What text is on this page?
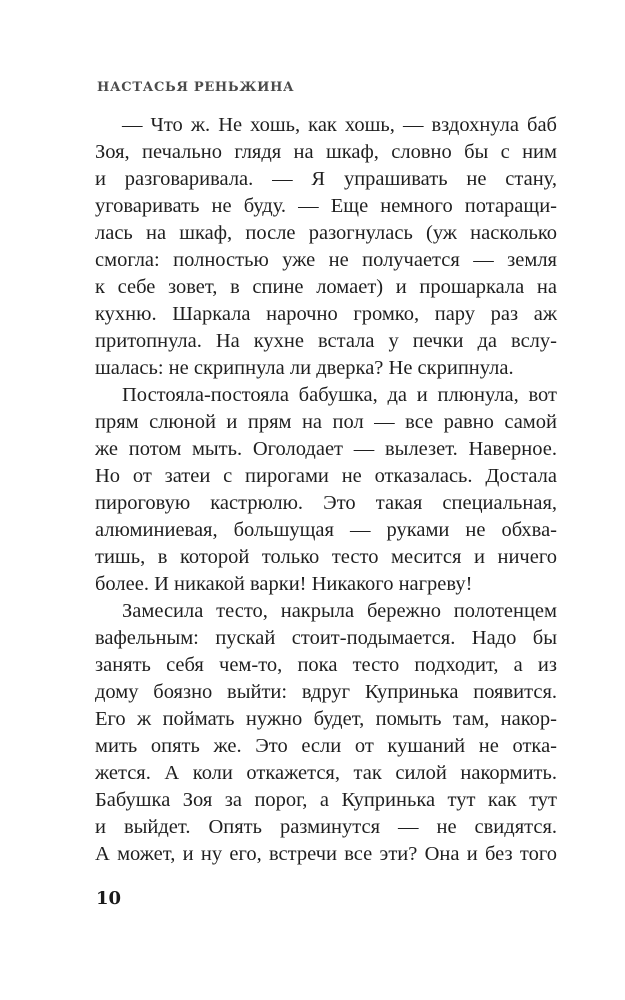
НАСТАСЬЯ РЕНЬЖИНА
— Что ж. Не хошь, как хошь, — вздохнула баб
Зоя, печально глядя на шкаф, словно бы с ним
и разговаривала. — Я упрашивать не стану,
уговаривать не буду. — Еще немного потаращи-
лась на шкаф, после разогнулась (уж насколько
смогла: полностью уже не получается — земля
к себе зовет, в спине ломает) и прошаркала на
кухню. Шаркала нарочно громко, пару раз аж
притопнула. На кухне встала у печки да вслу-
шалась: не скрипнула ли дверка? Не скрипнула.
Постояла-постояла бабушка, да и плюнула, вот
прям слюной и прям на пол — все равно самой
же потом мыть. Оголодает — вылезет. Наверное.
Но от затеи с пирогами не отказалась. Достала
пироговую кастрюлю. Это такая специальная,
алюминиевая, большущая — руками не обхва-
тишь, в которой только тесто месится и ничего
более. И никакой варки! Никакого нагреву!
Замесила тесто, накрыла бережно полотенцем
вафельным: пускай стоит-подымается. Надо бы
занять себя чем-то, пока тесто подходит, а из
дому боязно выйти: вдруг Купринька появится.
Его ж поймать нужно будет, помыть там, накор-
мить опять же. Это если от кушаний не отка-
жется. А коли откажется, так силой накормить.
Бабушка Зоя за порог, а Купринька тут как тут
и выйдет. Опять разминутся — не свидятся.
А может, и ну его, встречи все эти? Она и без того
10
